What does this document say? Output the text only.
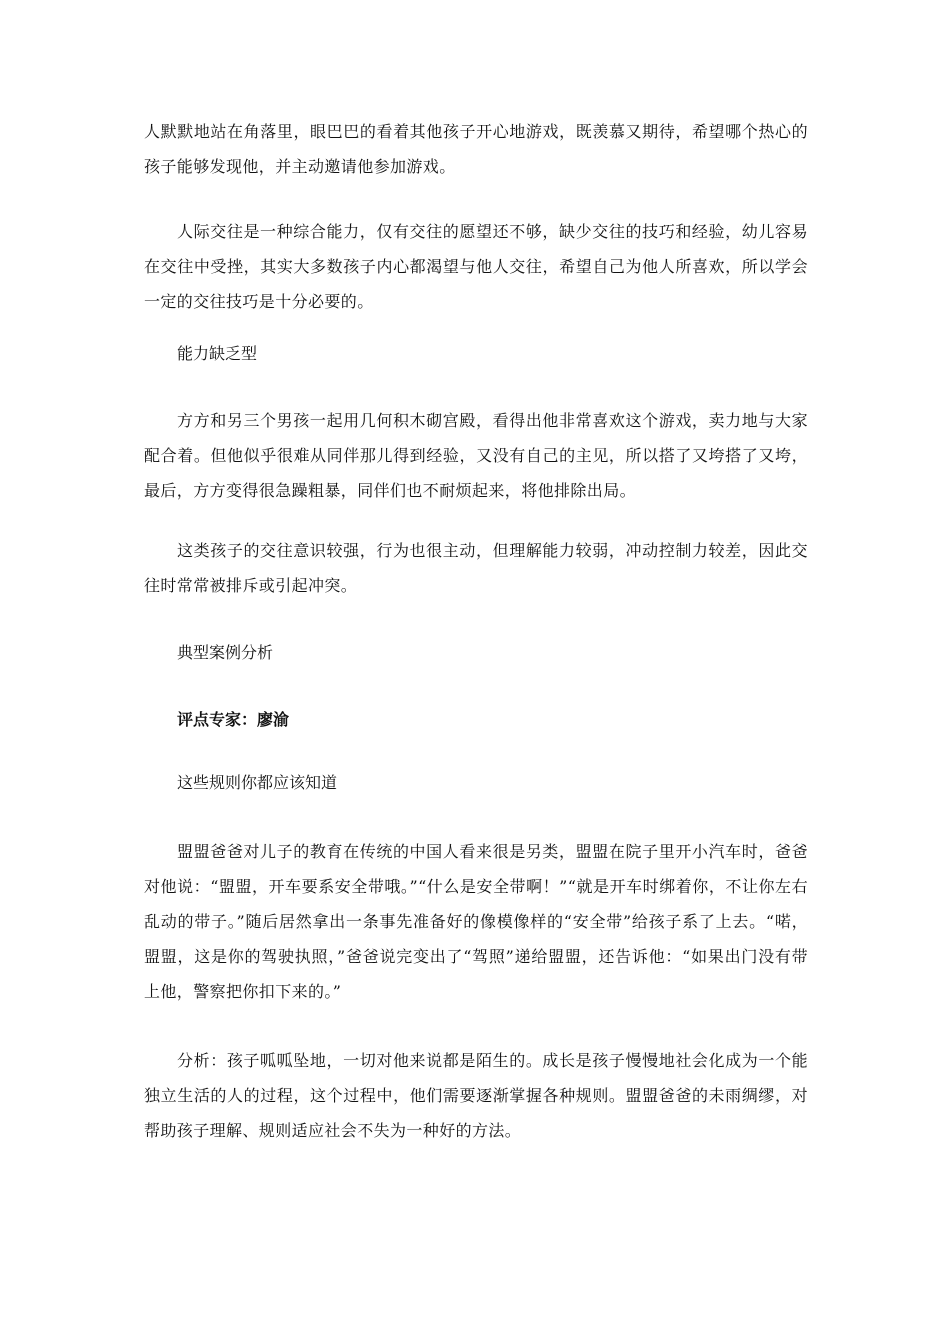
人默默地站在角落里，眼巴巴的看着其他孩子开心地游戏，既羡慕又期待，希望哪个热心的孩子能够发现他，并主动邀请他参加游戏。

人际交往是一种综合能力，仅有交往的愿望还不够，缺少交往的技巧和经验，幼儿容易在交往中受挫，其实大多数孩子内心都渴望与他人交往，希望自己为他人所喜欢，所以学会一定的交往技巧是十分必要的。

能力缺乏型

方方和另三个男孩一起用几何积木砌宫殿，看得出他非常喜欢这个游戏，卖力地与大家配合着。但他似乎很难从同伴那儿得到经验，又没有自己的主见，所以搭了又垮搭了又垮，最后，方方变得很急躁粗暴，同伴们也不耐烦起来，将他排除出局。

这类孩子的交往意识较强，行为也很主动，但理解能力较弱，冲动控制力较差，因此交往时常常被排斥或引起冲突。

典型案例分析

评点专家：廖渝

这些规则你都应该知道

盟盟爸爸对儿子的教育在传统的中国人看来很是另类，盟盟在院子里开小汽车时，爸爸对他说：“盟盟，开车要系安全带哦。”“什么是安全带啊！”“就是开车时绑着你，不让你左右乱动的带子。”随后居然拿出一条事先准备好的像模像样的“安全带”给孩子系了上去。“喏，盟盟，这是你的驾驶执照，”爸爸说完变出了“驾照”递给盟盟，还告诉他：“如果出门没有带上他，警察把你扣下来的。”

分析：孩子呱呱坠地，一切对他来说都是陌生的。成长是孩子慢慢地社会化成为一个能独立生活的人的过程，这个过程中，他们需要逐渐掌握各种规则。盟盟爸爸的未雨绸缪，对帮助孩子理解、规则适应社会不失为一种好的方法。
